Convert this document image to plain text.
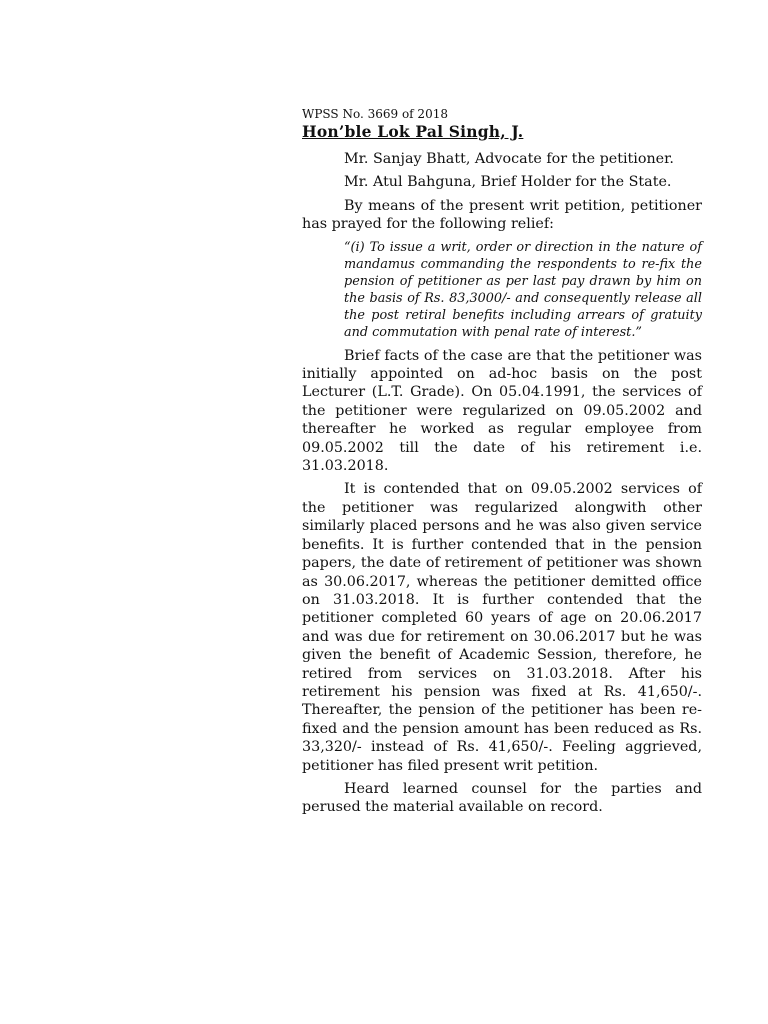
WPSS No. 3669 of 2018

Hon’ble Lok Pal Singh, J.

Mr. Sanjay Bhatt, Advocate for the petitioner.

Mr. Atul Bahguna, Brief Holder for the State.

By means of the present writ petition, petitioner has prayed for the following relief:

“(i) To issue a writ, order or direction in the nature of mandamus commanding the respondents to re-fix the pension of petitioner as per last pay drawn by him on the basis of Rs. 83,3000/- and consequently release all the post retiral benefits including arrears of gratuity and commutation with penal rate of interest.”

Brief facts of the case are that the petitioner was initially appointed on ad-hoc basis on the post Lecturer (L.T. Grade). On 05.04.1991, the services of the petitioner were regularized on 09.05.2002 and thereafter he worked as regular employee from 09.05.2002 till the date of his retirement i.e. 31.03.2018.

It is contended that on 09.05.2002 services of the petitioner was regularized alongwith other similarly placed persons and he was also given service benefits. It is further contended that in the pension papers, the date of retirement of petitioner was shown as 30.06.2017, whereas the petitioner demitted office on 31.03.2018. It is further contended that the petitioner completed 60 years of age on 20.06.2017 and was due for retirement on 30.06.2017 but he was given the benefit of Academic Session, therefore, he retired from services on 31.03.2018. After his retirement his pension was fixed at Rs. 41,650/-. Thereafter, the pension of the petitioner has been re-fixed and the pension amount has been reduced as Rs. 33,320/- instead of Rs. 41,650/-. Feeling aggrieved, petitioner has filed present writ petition.

Heard learned counsel for the parties and perused the material available on record.
